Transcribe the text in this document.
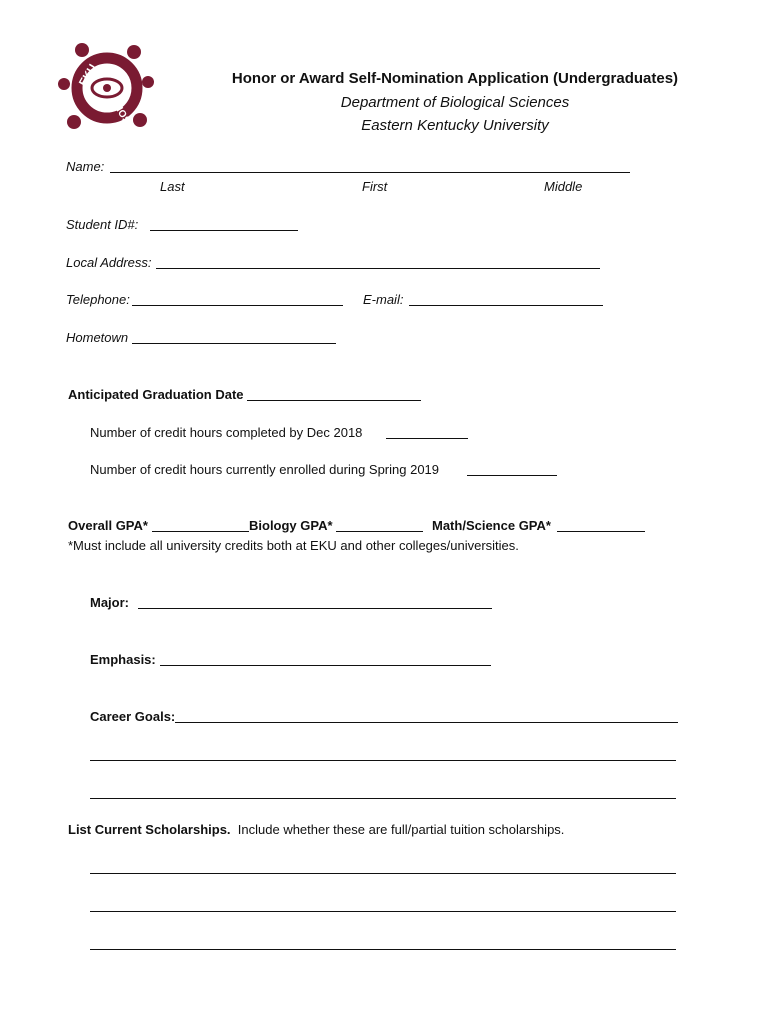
EKU
BIOS
Honor or Award Self-Nomination Application (Undergraduates)
Department of Biological Sciences
Eastern Kentucky University
Name:
Last	First	Middle
Student ID#:
Local Address:
Telephone:	E-mail:
Hometown
Anticipated Graduation Date
Number of credit hours completed by Dec 2018
Number of credit hours currently enrolled during Spring 2019
Overall GPA*	Biology GPA*	Math/Science GPA*
*Must include all university credits both at EKU and other colleges/universities.
Major:
Emphasis:
Career Goals:
List Current Scholarships. Include whether these are full/partial tuition scholarships.
